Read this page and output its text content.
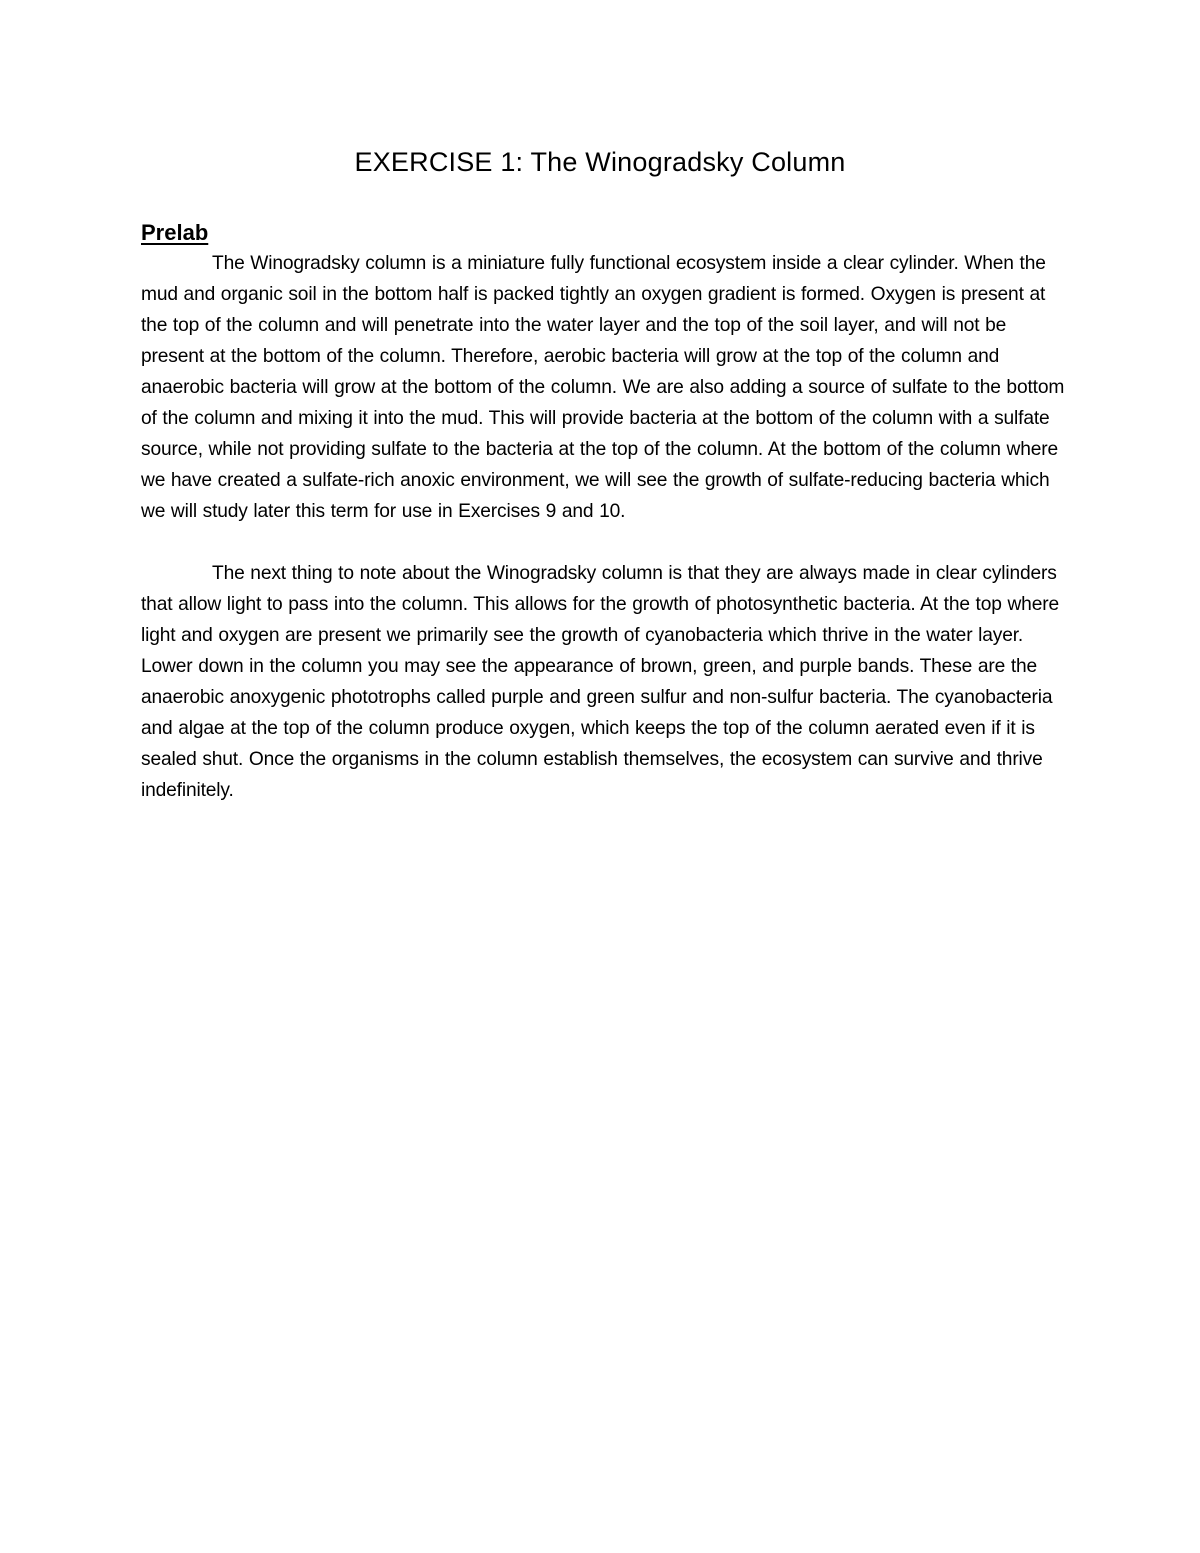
EXERCISE 1: The Winogradsky Column
Prelab

The Winogradsky column is a miniature fully functional ecosystem inside a clear cylinder. When the mud and organic soil in the bottom half is packed tightly an oxygen gradient is formed. Oxygen is present at the top of the column and will penetrate into the water layer and the top of the soil layer, and will not be present at the bottom of the column. Therefore, aerobic bacteria will grow at the top of the column and anaerobic bacteria will grow at the bottom of the column. We are also adding a source of sulfate to the bottom of the column and mixing it into the mud. This will provide bacteria at the bottom of the column with a sulfate source, while not providing sulfate to the bacteria at the top of the column. At the bottom of the column where we have created a sulfate-rich anoxic environment, we will see the growth of sulfate-reducing bacteria which we will study later this term for use in Exercises 9 and 10.

The next thing to note about the Winogradsky column is that they are always made in clear cylinders that allow light to pass into the column. This allows for the growth of photosynthetic bacteria. At the top where light and oxygen are present we primarily see the growth of cyanobacteria which thrive in the water layer. Lower down in the column you may see the appearance of brown, green, and purple bands. These are the anaerobic anoxygenic phototrophs called purple and green sulfur and non-sulfur bacteria. The cyanobacteria and algae at the top of the column produce oxygen, which keeps the top of the column aerated even if it is sealed shut. Once the organisms in the column establish themselves, the ecosystem can survive and thrive indefinitely.
